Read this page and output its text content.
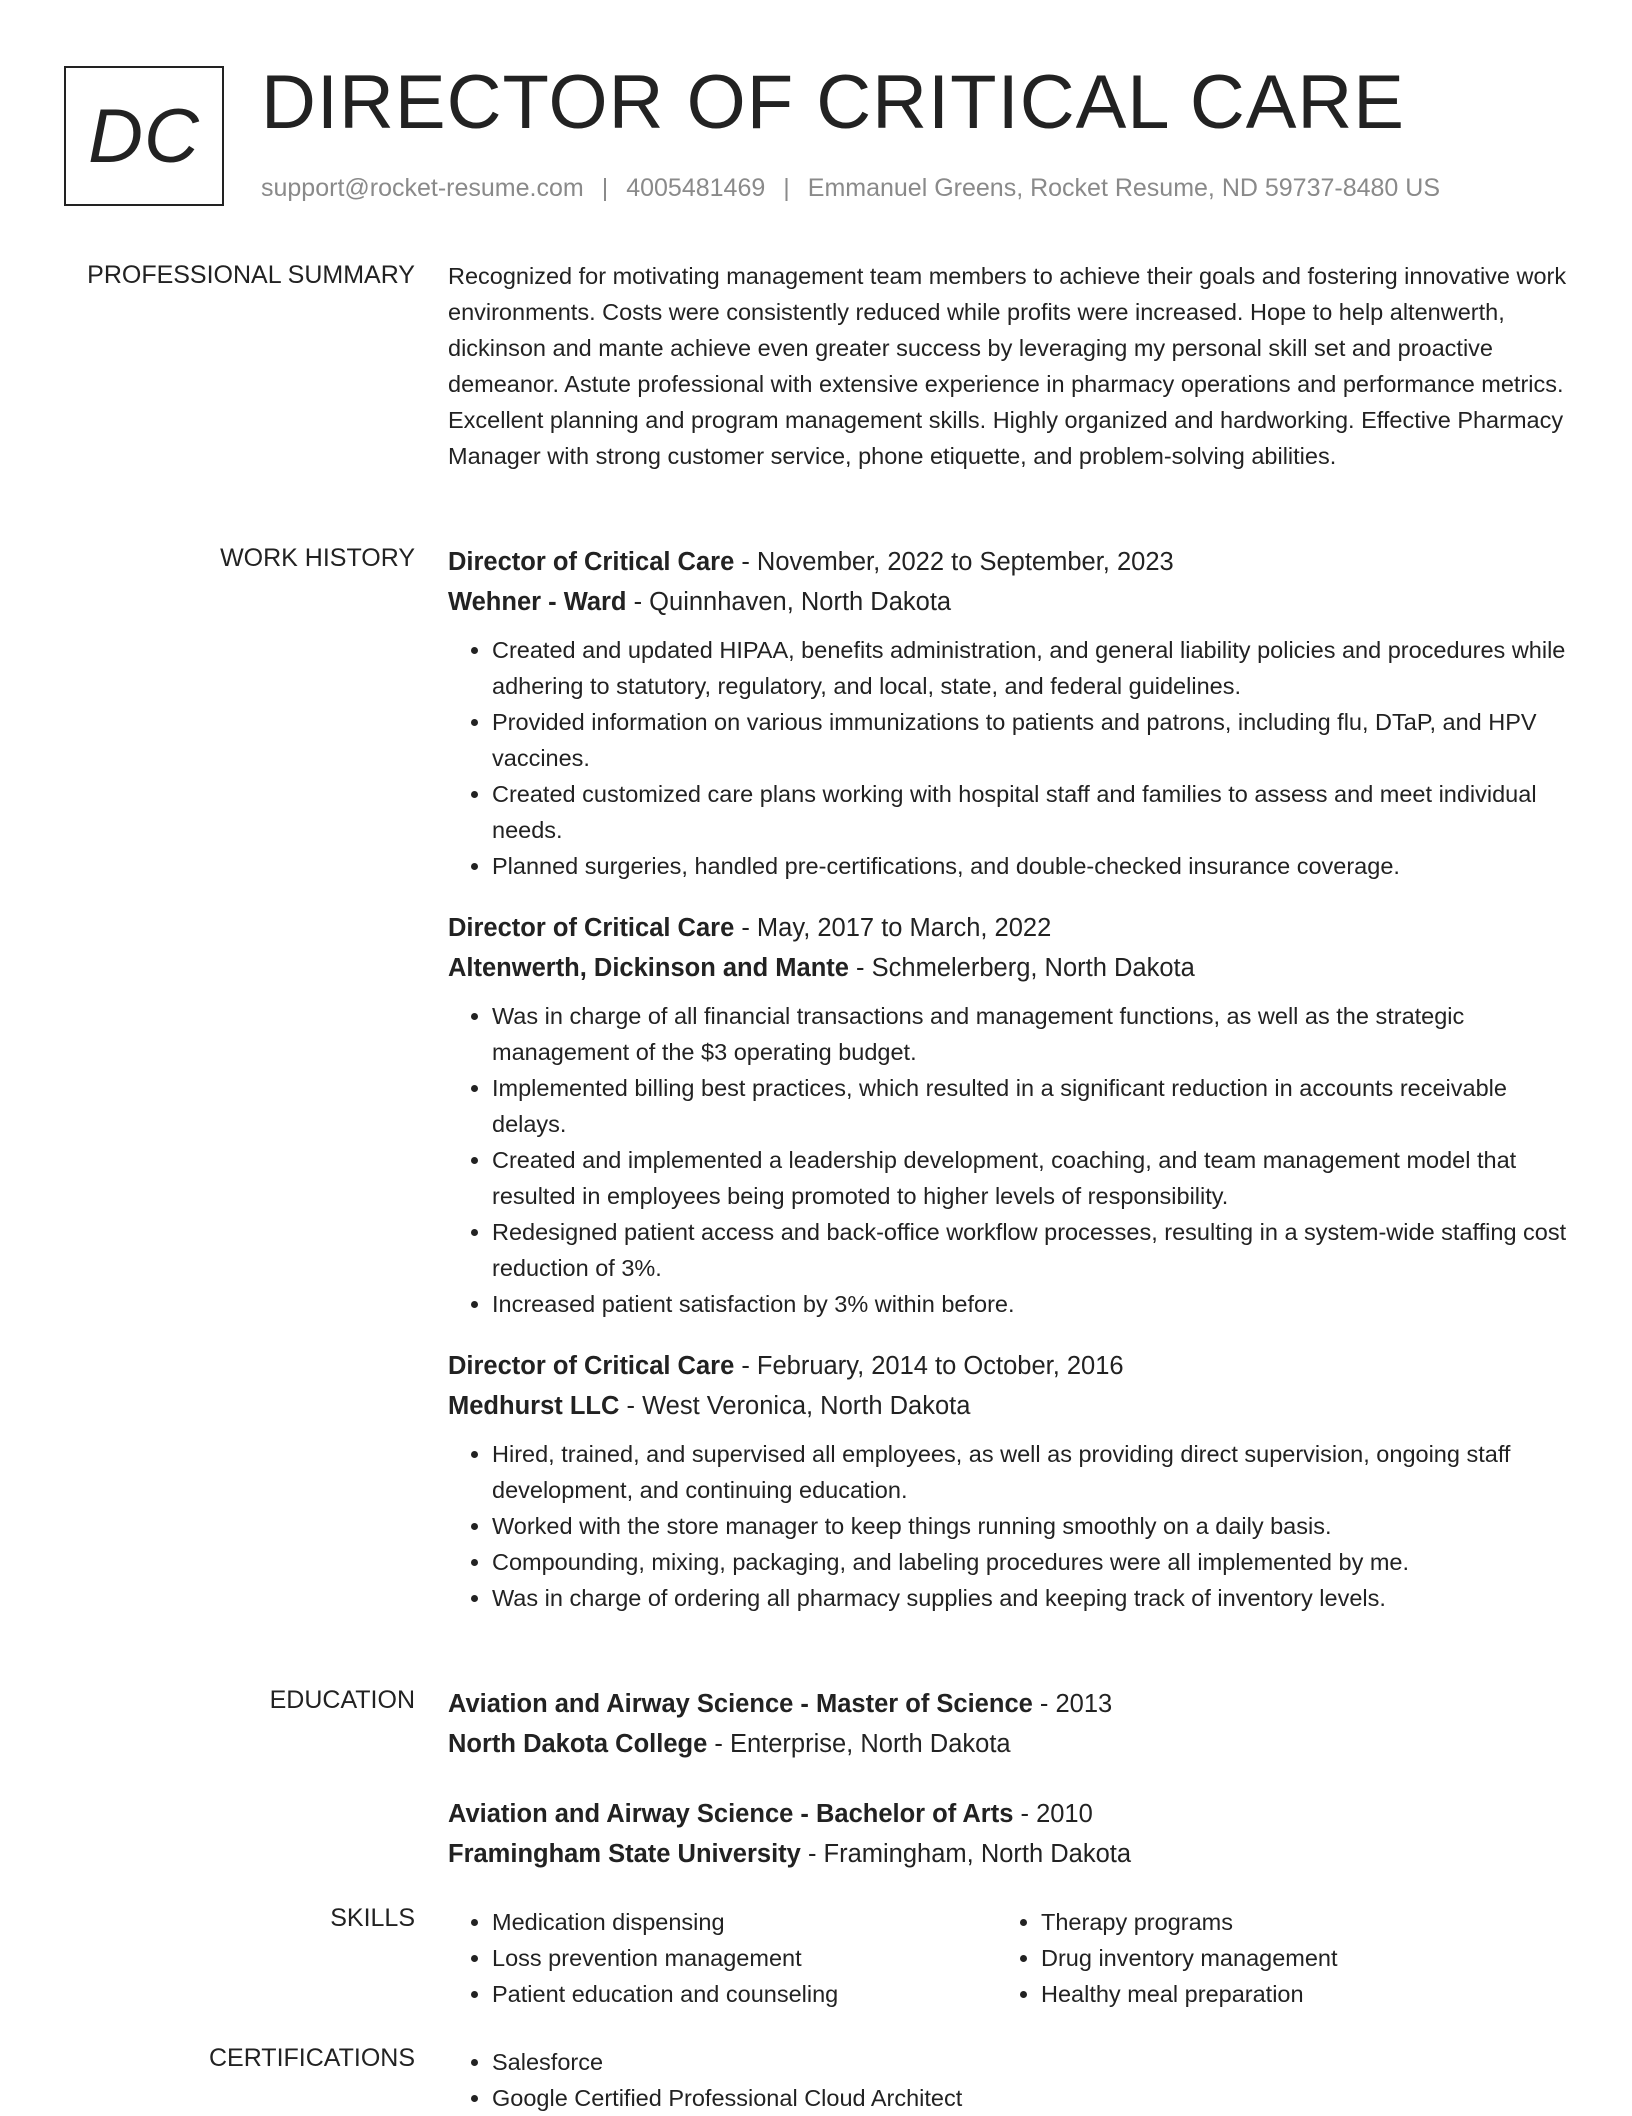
DC DIRECTOR OF CRITICAL CARE
support@rocket-resume.com | 4005481469 | Emmanuel Greens, Rocket Resume, ND 59737-8480 US
PROFESSIONAL SUMMARY Recognized for motivating management team members to achieve their goals and fostering innovative work environments. Costs were consistently reduced while profits were increased. Hope to help altenwerth, dickinson and mante achieve even greater success by leveraging my personal skill set and proactive demeanor. Astute professional with extensive experience in pharmacy operations and performance metrics. Excellent planning and program management skills. Highly organized and hardworking. Effective Pharmacy Manager with strong customer service, phone etiquette, and problem-solving abilities.

WORK HISTORY Director of Critical Care - November, 2022 to September, 2023
Wehner - Ward - Quinnhaven, North Dakota
• Created and updated HIPAA, benefits administration, and general liability policies and procedures while adhering to statutory, regulatory, and local, state, and federal guidelines.
• Provided information on various immunizations to patients and patrons, including flu, DTaP, and HPV vaccines.
• Created customized care plans working with hospital staff and families to assess and meet individual needs.
• Planned surgeries, handled pre-certifications, and double-checked insurance coverage.
Director of Critical Care - May, 2017 to March, 2022
Altenwerth, Dickinson and Mante - Schmelerberg, North Dakota
• Was in charge of all financial transactions and management functions, as well as the strategic management of the $3 operating budget.
• Implemented billing best practices, which resulted in a significant reduction in accounts receivable delays.
• Created and implemented a leadership development, coaching, and team management model that resulted in employees being promoted to higher levels of responsibility.
• Redesigned patient access and back-office workflow processes, resulting in a system-wide staffing cost reduction of 3%.
• Increased patient satisfaction by 3% within before.
Director of Critical Care - February, 2014 to October, 2016
Medhurst LLC - West Veronica, North Dakota
• Hired, trained, and supervised all employees, as well as providing direct supervision, ongoing staff development, and continuing education.
• Worked with the store manager to keep things running smoothly on a daily basis.
• Compounding, mixing, packaging, and labeling procedures were all implemented by me.
• Was in charge of ordering all pharmacy supplies and keeping track of inventory levels.
EDUCATION Aviation and Airway Science - Master of Science - 2013
North Dakota College - Enterprise, North Dakota
Aviation and Airway Science - Bachelor of Arts - 2010
Framingham State University - Framingham, North Dakota
SKILLS	• Medication dispensing
• Loss prevention management
• Patient education and counseling
• Therapy programs
• Drug inventory management
• Healthy meal preparation
CERTIFICATIONS	• Salesforce
• Google Certified Professional Cloud Architect
